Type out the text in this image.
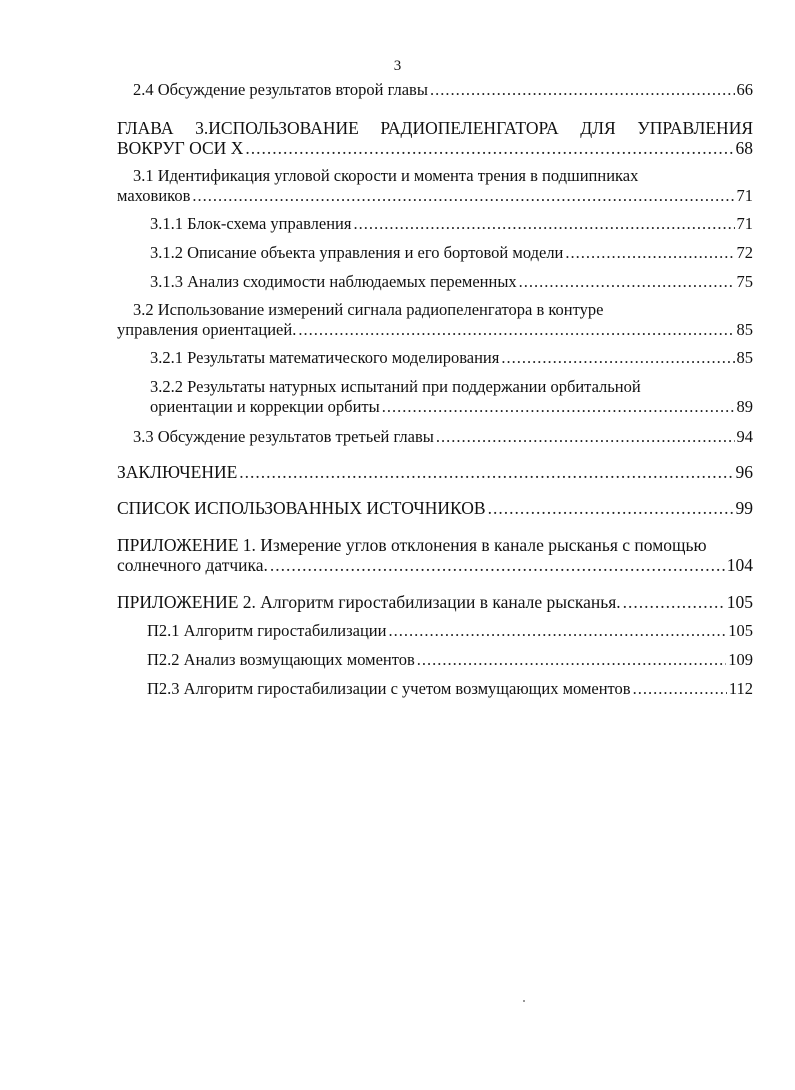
3
2.4 Обсуждение результатов второй главы .....	66
ГЛАВА 3.ИСПОЛЬЗОВАНИЕ РАДИОПЕЛЕНГАТОРА ДЛЯ УПРАВЛЕНИЯ
ВОКРУГ ОСИ Х .....	68
3.1 Идентификация угловой скорости и момента трения в подшипниках
маховиков .....	71
3.1.1 Блок-схема управления .....	71
3.1.2 Описание объекта управления и его бортовой модели .....	72
3.1.3 Анализ сходимости наблюдаемых переменных .....	75
3.2 Использование измерений сигнала радиопеленгатора в контуре
управления ориентацией. .....	85
3.2.1 Результаты математического моделирования .....	85
3.2.2 Результаты натурных испытаний при поддержании орбитальной
ориентации и коррекции орбиты .....	89
3.3 Обсуждение результатов третьей главы .....	94
ЗАКЛЮЧЕНИЕ .....	96
СПИСОК ИСПОЛЬЗОВАННЫХ ИСТОЧНИКОВ .....	99
ПРИЛОЖЕНИЕ 1. Измерение углов отклонения в канале рысканья с помощью
солнечного датчика. .....	104
ПРИЛОЖЕНИЕ 2. Алгоритм гиростабилизации в канале рысканья. .....	105
П2.1 Алгоритм гиростабилизации .....	105
П2.2 Анализ возмущающих моментов .....	109
П2.3 Алгоритм гиростабилизации с учетом возмущающих моментов .....	112
